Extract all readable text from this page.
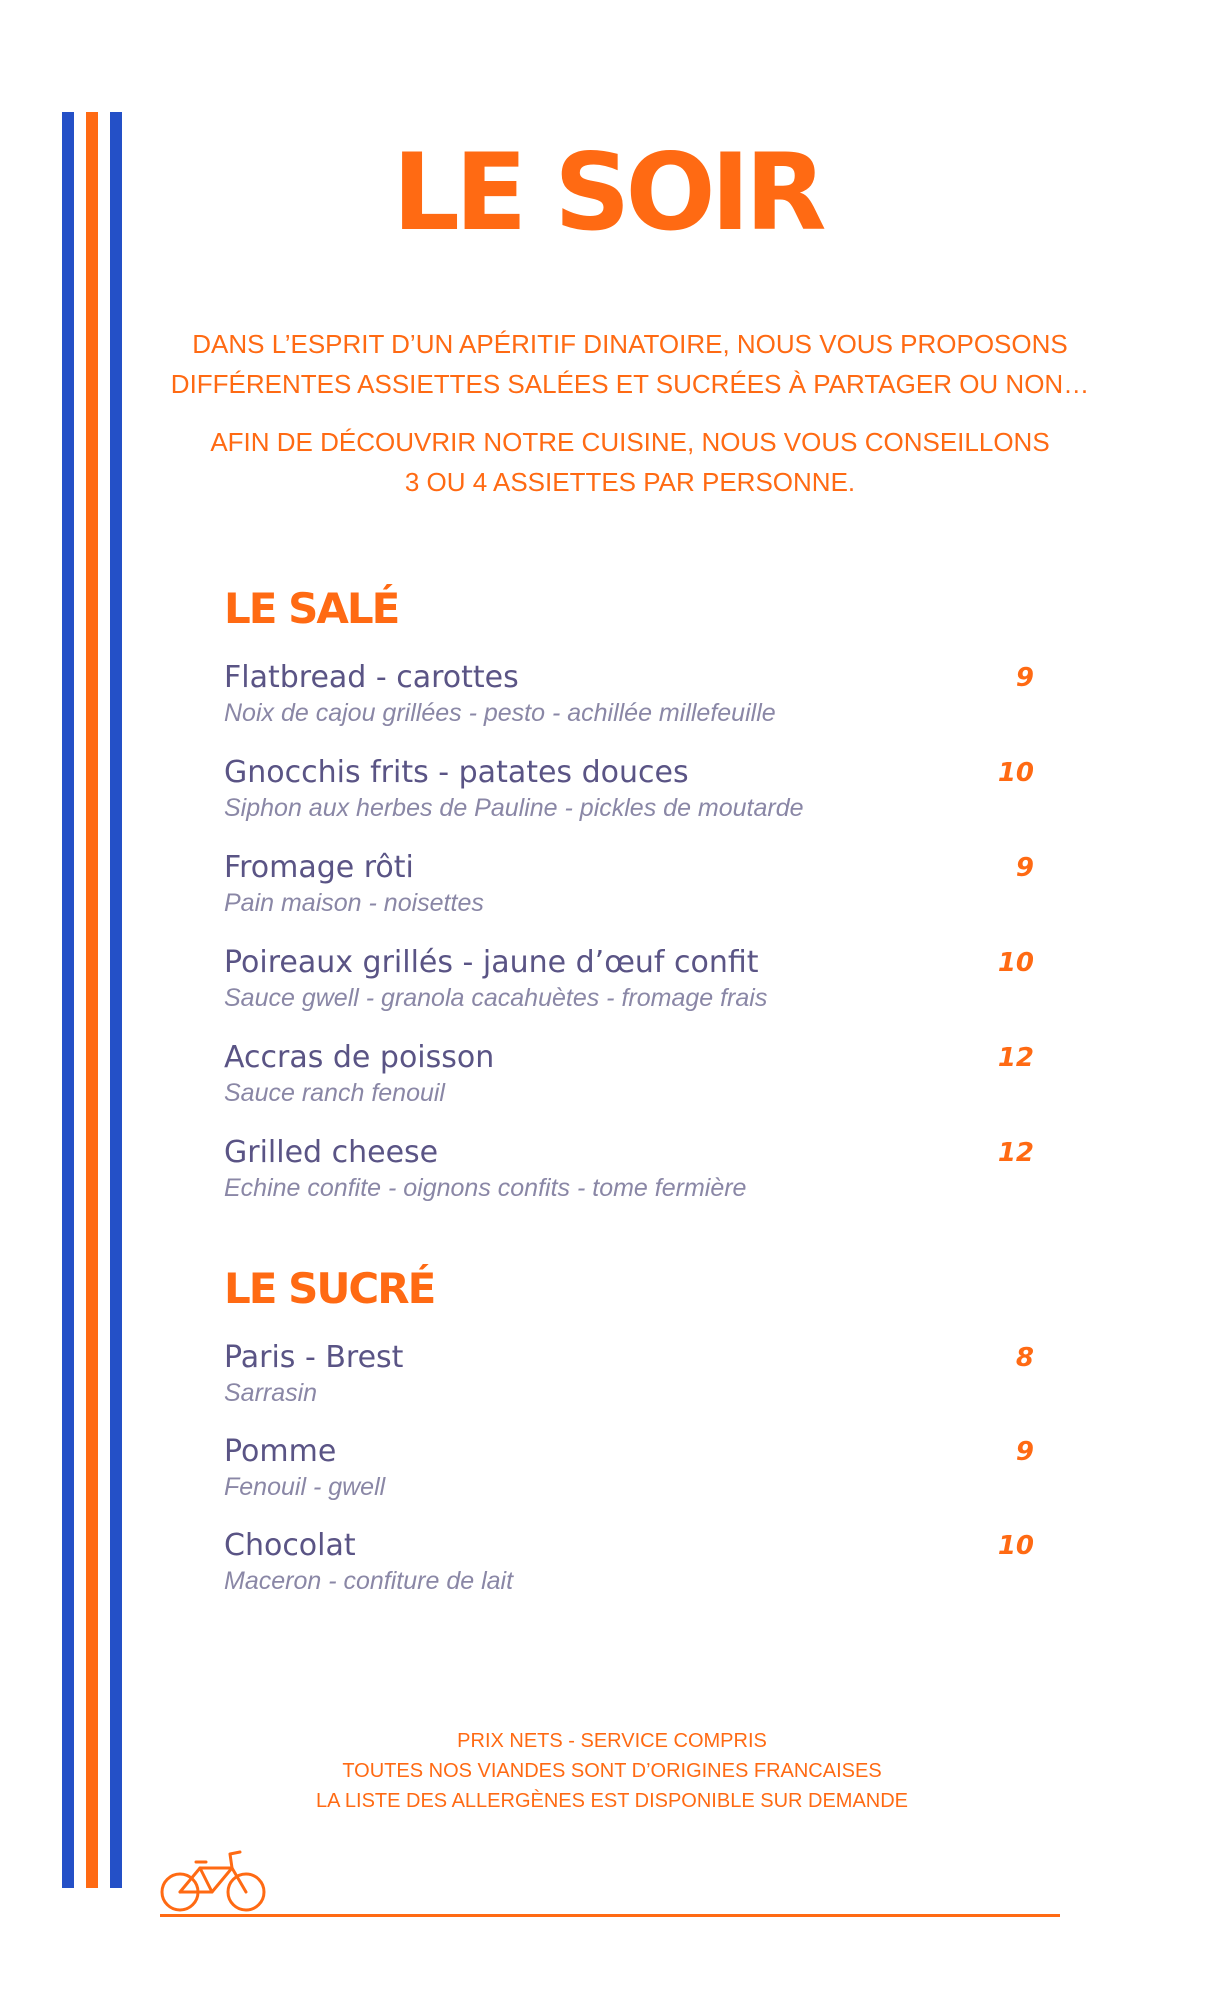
LE SOIR
DANS L’ESPRIT D’UN APÉRITIF DINATOIRE, NOUS VOUS PROPOSONS
DIFFÉRENTES ASSIETTES SALÉES ET SUCRÉES À PARTAGER OU NON…
AFIN DE DÉCOUVRIR NOTRE CUISINE, NOUS VOUS CONSEILLONS
3 OU 4 ASSIETTES PAR PERSONNE.
LE SALÉ
Flatbread - carottes
Noix de cajou grillées - pesto - achillée millefeuille
9
Gnocchis frits - patates douces
Siphon aux herbes de Pauline - pickles de moutarde
10
Fromage rôti
Pain maison - noisettes
9
Poireaux grillés - jaune d’œuf confit
Sauce gwell - granola cacahuètes - fromage frais
10
Accras de poisson
Sauce ranch fenouil
12
Grilled cheese
Echine confite - oignons confits - tome fermière
12
LE SUCRÉ
Paris - Brest
Sarrasin
8
Pomme
Fenouil - gwell
9
Chocolat
Maceron - confiture de lait
10
PRIX NETS - SERVICE COMPRIS
TOUTES NOS VIANDES SONT D’ORIGINES FRANCAISES
LA LISTE DES ALLERGÈNES EST DISPONIBLE SUR DEMANDE
